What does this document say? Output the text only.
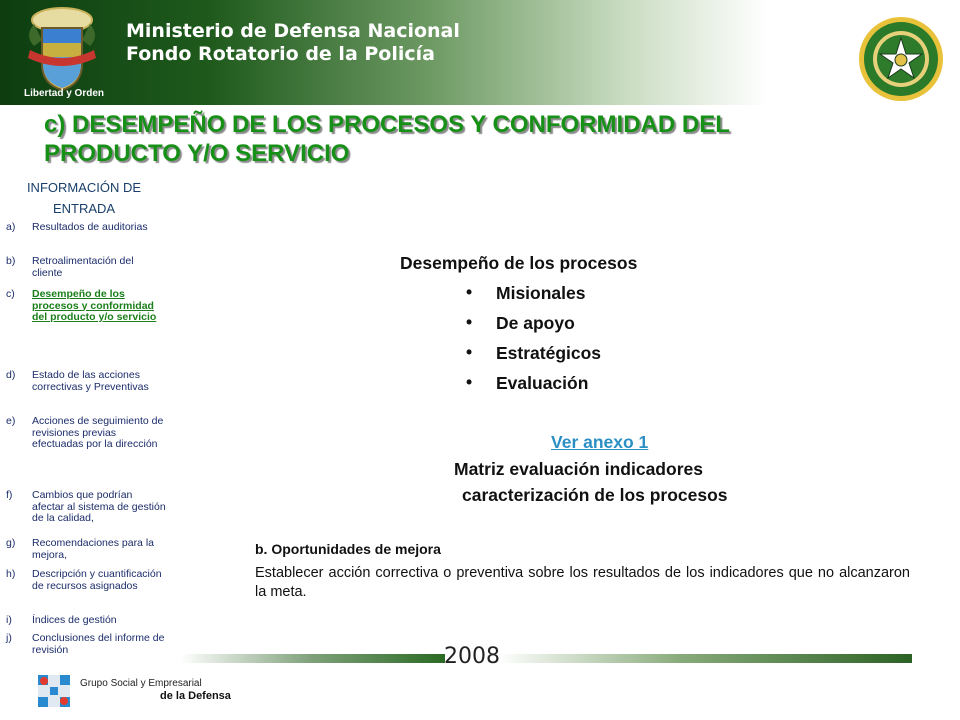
Libertad y Orden
Ministerio de Defensa Nacional
Fondo Rotatorio de la Policía
c) DESEMPEÑO DE LOS PROCESOS Y CONFORMIDAD DEL
PRODUCTO Y/O SERVICIO
INFORMACIÓN DE
ENTRADA
a)	Resultados de auditorias
b)	Retroalimentación del cliente
c)	Desempeño de los procesos y conformidad del producto y/o servicio
d)	Estado de las acciones correctivas y Preventivas
e)	Acciones de seguimiento de revisiones previas efectuadas por la dirección
f)	Cambios que podrían afectar al sistema de gestión de la calidad,
g)	Recomendaciones para la mejora,
h)	Descripción y cuantificación de recursos asignados
i)	Índices de gestión
j)	Conclusiones del informe de revisión
Desempeño de los procesos
• Misionales
• De apoyo
• Estratégicos
• Evaluación
Ver anexo 1
Matriz evaluación indicadores
caracterización de los procesos
b. Oportunidades de mejora
Establecer acción correctiva o preventiva sobre los resultados de los indicadores que no alcanzaron la meta.
2008
Grupo Social y Empresarial
de la Defensa
